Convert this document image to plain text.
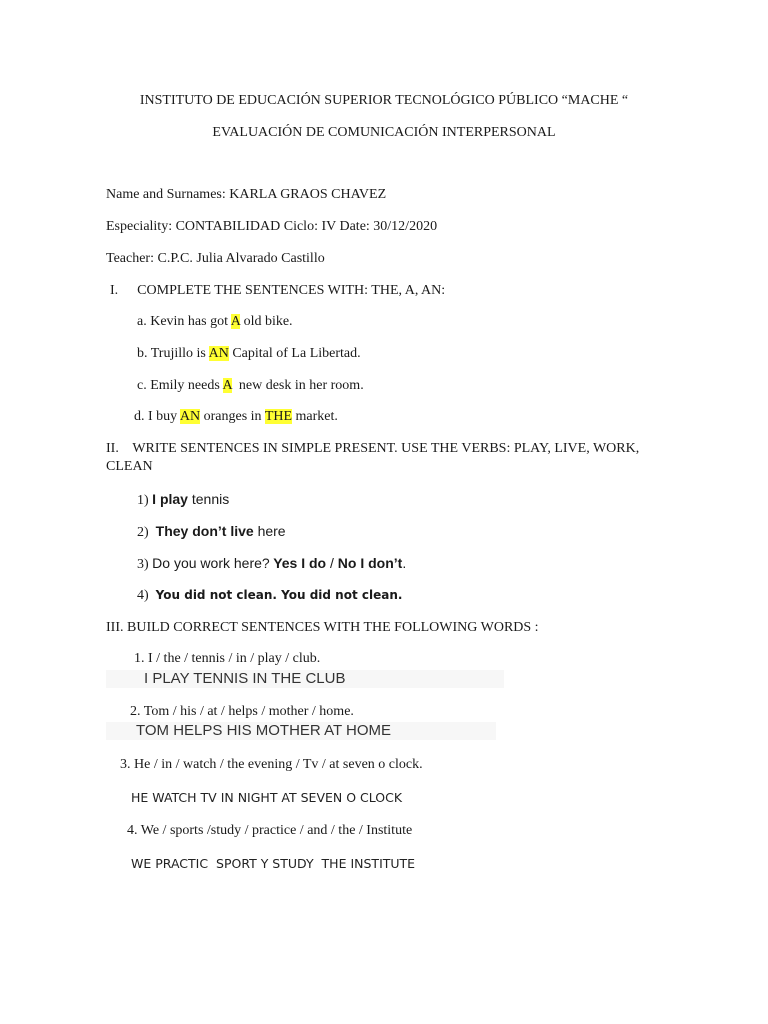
INSTITUTO DE EDUCACIÓN SUPERIOR TECNOLÓGICO PÚBLICO “MACHE “
EVALUACIÓN DE COMUNICACIÓN INTERPERSONAL
Name and Surnames: KARLA GRAOS CHAVEZ
Especiality: CONTABILIDAD Ciclo: IV Date: 30/12/2020
Teacher: C.P.C. Julia Alvarado Castillo
I. COMPLETE THE SENTENCES WITH: THE, A, AN:
a. Kevin has got A old bike.
b. Trujillo is AN Capital of La Libertad.
c. Emily needs A  new desk in her room.
d. I buy AN oranges in THE market.
II. WRITE SENTENCES IN SIMPLE PRESENT. USE THE VERBS: PLAY, LIVE, WORK, CLEAN
1) I play tennis
2) They don’t live here
3) Do you work here? Yes I do / No I don’t.
4) You did not clean. You did not clean.
III. BUILD CORRECT SENTENCES WITH THE FOLLOWING WORDS :
1. I / the / tennis / in / play / club.
I PLAY TENNIS IN THE CLUB
2. Tom / his / at / helps / mother / home.
TOM HELPS HIS MOTHER AT HOME
3. He / in / watch / the evening / Tv / at seven o clock.
HE WATCH TV IN NIGHT AT SEVEN O CLOCK
4. We / sports /study / practice / and / the / Institute
WE PRACTIC  SPORT Y STUDY  THE INSTITUTE
